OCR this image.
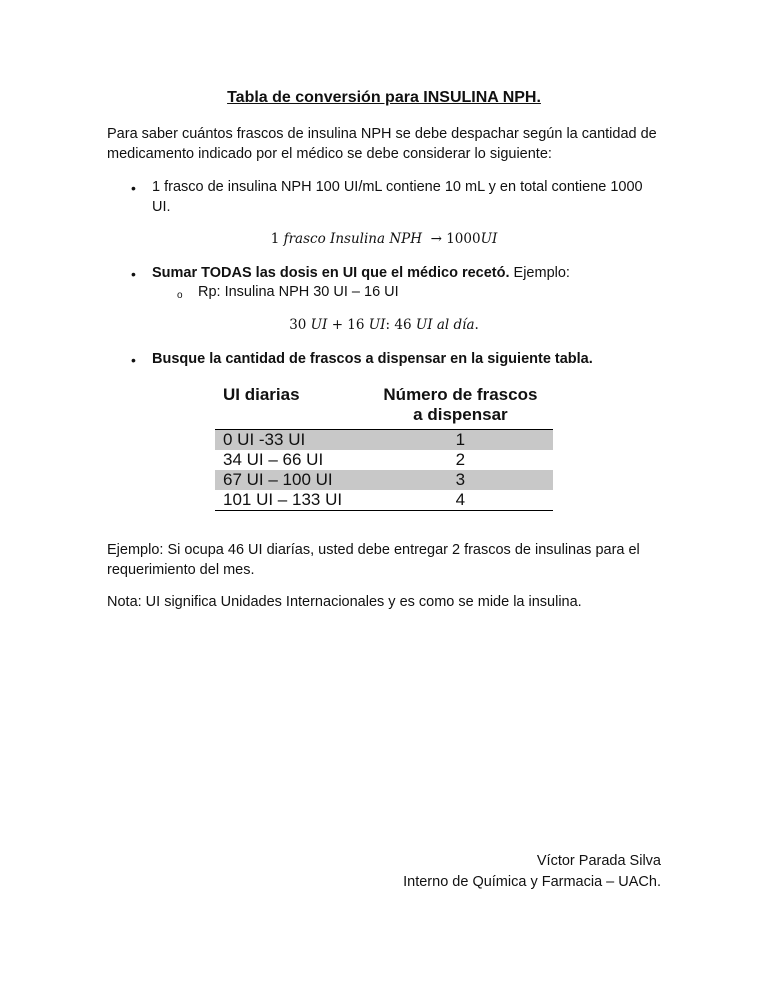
Tabla de conversión para INSULINA NPH.
Para saber cuántos frascos de insulina NPH se debe despachar según la cantidad de medicamento indicado por el médico se debe considerar lo siguiente:
• 1 frasco de insulina NPH 100 UI/mL contiene 10 mL y en total contiene 1000 UI.
1 frasco Insulina NPH → 1000UI
• Sumar TODAS las dosis en UI que el médico recetó. Ejemplo:
o Rp: Insulina NPH 30 UI – 16 UI
30 UI + 16 UI: 46 UI al día.
• Busque la cantidad de frascos a dispensar en la siguiente tabla.
UI diarias	Número de frascos
a dispensar

0 UI -33 UI	1
34 UI – 66 UI	2
67 UI – 100 UI	3
101 UI – 133 UI	4
Ejemplo: Si ocupa 46 UI diarías, usted debe entregar 2 frascos de insulinas para el requerimiento del mes.
Nota: UI significa Unidades Internacionales y es como se mide la insulina.
Víctor Parada Silva
Interno de Química y Farmacia – UACh.
